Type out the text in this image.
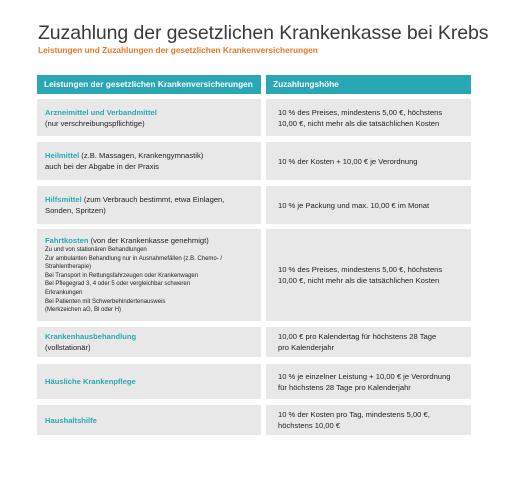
Zuzahlung der gesetzlichen Krankenkasse bei Krebs
Leistungen und Zuzahlungen der gesetzlichen Krankenversicherungen
Leistungen der gesetzlichen Krankenversicherungen	Zuzahlungshöhe
Arzneimittel und Verbandmittel
(nur verschreibungspflichtige)
10 % des Preises, mindestens 5,00 €, höchstens
10,00 €, nicht mehr als die tatsächlichen Kosten
Heilmittel (z.B. Massagen, Krankengymnastik)
auch bei der Abgabe in der Praxis
10 % der Kosten + 10,00 € je Verordnung
Hilfsmittel (zum Verbrauch bestimmt, etwa Einlagen,
Sonden, Spritzen)
10 % je Packung und max. 10,00 € im Monat
Fahrtkosten (von der Krankenkasse genehmigt)
Zu und von stationären Behandlungen
Zur ambulanten Behandlung nur in Ausnahmefällen (z.B. Chemo- /
Strahlentherapie)
Bei Transport in Rettungsfahrzeugen oder Krankenwagen
Bei Pflegegrad 3, 4 oder 5 oder vergleichbar schweren
Erkrankungen
Bei Patienten mit Schwerbehindertenausweis
(Merkzeichen aG, Bl oder H)
10 % des Preises, mindestens 5,00 €, höchstens
10,00 €, nicht mehr als die tatsächlichen Kosten
Krankenhausbehandlung
(vollstationär)
10,00 € pro Kalendertag für höchstens 28 Tage
pro Kalenderjahr
Häusliche Krankenpflege
10 % je einzelner Leistung + 10,00 € je Verordnung
für höchstens 28 Tage pro Kalenderjahr
Haushaltshilfe
10 % der Kosten pro Tag, mindestens 5,00 €,
höchstens 10,00 €
